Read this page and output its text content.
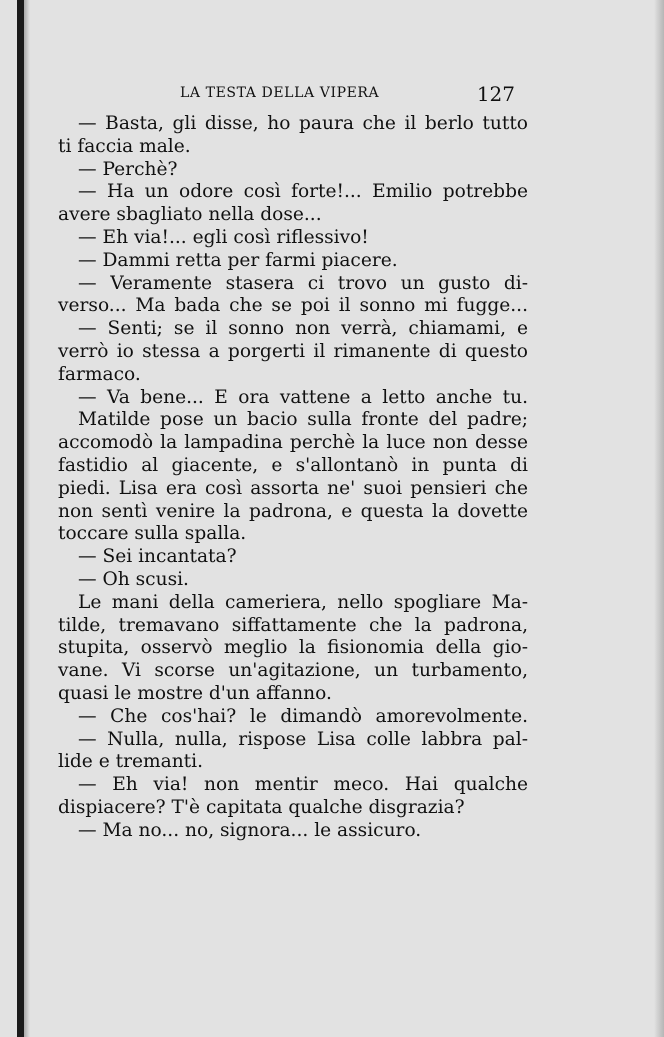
LA TESTA DELLA VIPERA	127
— Basta, gli disse, ho paura che il berlo tutto
ti faccia male.
— Perchè?
— Ha un odore così forte!... Emilio potrebbe
avere sbagliato nella dose...
— Eh via!... egli così riflessivo!
— Dammi retta per farmi piacere.
— Veramente stasera ci trovo un gusto di-
verso... Ma bada che se poi il sonno mi fugge...
— Senti; se il sonno non verrà, chiamami, e
verrò io stessa a porgerti il rimanente di questo
farmaco.
— Va bene... E ora vattene a letto anche tu.
Matilde pose un bacio sulla fronte del padre;
accomodò la lampadina perchè la luce non desse
fastidio al giacente, e s'allontanò in punta di
piedi. Lisa era così assorta ne' suoi pensieri che
non sentì venire la padrona, e questa la dovette
toccare sulla spalla.
— Sei incantata?
— Oh scusi.
Le mani della cameriera, nello spogliare Ma-
tilde, tremavano siffattamente che la padrona,
stupita, osservò meglio la fisionomia della gio-
vane. Vi scorse un'agitazione, un turbamento,
quasi le mostre d'un affanno.
— Che cos'hai? le dimandò amorevolmente.
— Nulla, nulla, rispose Lisa colle labbra pal-
lide e tremanti.
— Eh via! non mentir meco. Hai qualche
dispiacere? T'è capitata qualche disgrazia?
— Ma no... no, signora... le assicuro.
